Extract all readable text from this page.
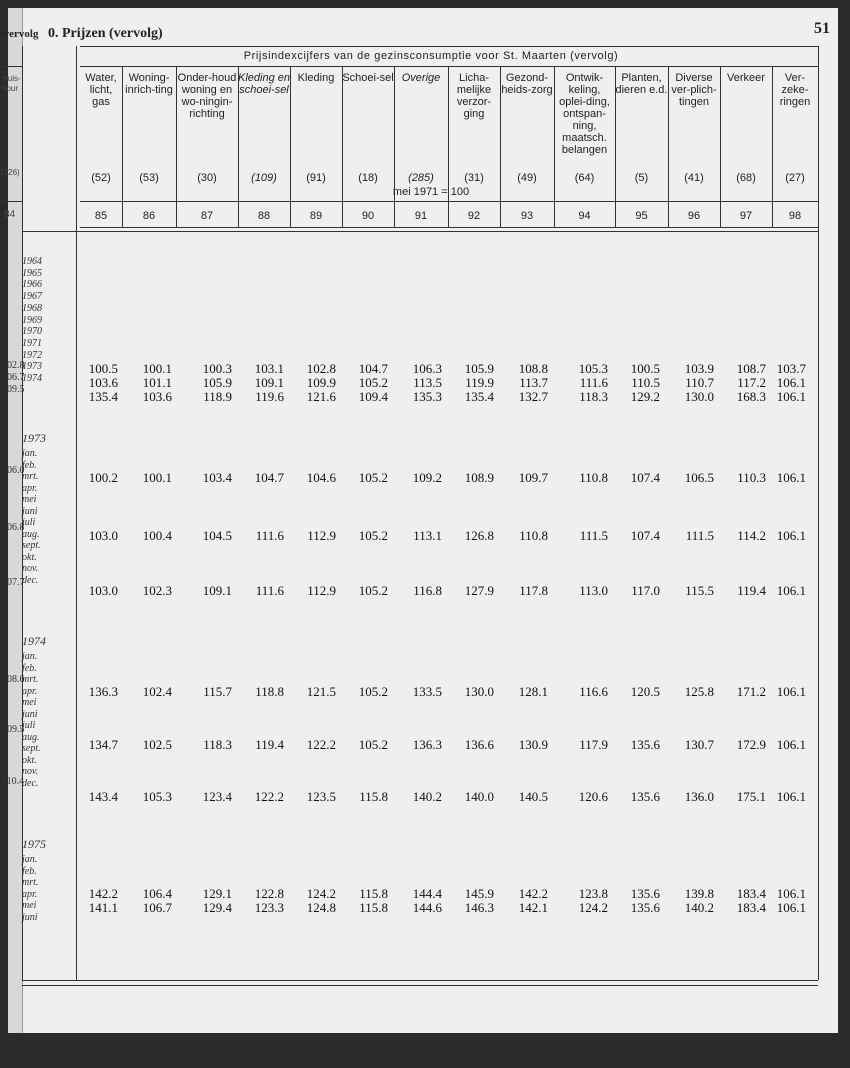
(vervolg 0. Prijzen (vervolg)	51
Prijsindexcijfers van de gezinsconsumptie voor St. Maarten (vervolg)
Water, licht, gas
(52)
85
Woning-inrich-ting
(53)
86
Onder-houd woning en wo-ningin-richting
(30)
87
Kleding en schoei-sel
(109)
88
Kleding
(91)
89
Schoei-sel
(18)
90
Overige
(285)
91
Licha-melijke verzor-ging
(31)
92
Gezond-heids-zorg
(49)
93
Ontwik-keling, oplei-ding, ontspan-ning, maatsch. belangen
(64)
94
Planten, dieren e.d.
(5)
95
Diverse ver-plich-tingen
(41)
96
Verkeer
(68)
97
Ver-zeke-ringen
(27)
98
mei 1971 = 100
Huis- hour
(126)
84
1964
1965
1966
1967
1968
1969
1970
1971
1972
1973
1974
1973
jan.
feb.
mrt.
apr.
mei
juni
juli
aug.
sept.
okt.
nov.
dec.
1974
jan.
feb.
mrt.
apr.
mei
juni
juli
aug.
sept.
okt.
nov.
dec.
1975
jan.
feb.
mrt.
apr.
mei
juni
102.8
106.7
109.5
106.0
106.8
107.7
108.6
109.5
110.4
100.5 100.1 100.3 103.1 102.8 104.7 106.3 105.9 108.8 105.3 100.5 103.9 108.7 103.7
103.6 101.1 105.9 109.1 109.9 105.2 113.5 119.9 113.7 111.6 110.5 110.7 117.2 106.1
135.4 103.6 118.9 119.6 121.6 109.4 135.3 135.4 132.7 118.3 129.2 130.0 168.3 106.1
100.2 100.1 103.4 104.7 104.6 105.2 109.2 108.9 109.7 110.8 107.4 106.5 110.3 106.1
103.0 100.4 104.5 111.6 112.9 105.2 113.1 126.8 110.8 111.5 107.4 111.5 114.2 106.1
103.0 102.3 109.1 111.6 112.9 105.2 116.8 127.9 117.8 113.0 117.0 115.5 119.4 106.1
136.3 102.4 115.7 118.8 121.5 105.2 133.5 130.0 128.1 116.6 120.5 125.8 171.2 106.1
134.7 102.5 118.3 119.4 122.2 105.2 136.3 136.6 130.9 117.9 135.6 130.7 172.9 106.1
143.4 105.3 123.4 122.2 123.5 115.8 140.2 140.0 140.5 120.6 135.6 136.0 175.1 106.1
142.2 106.4 129.1 122.8 124.2 115.8 144.4 145.9 142.2 123.8 135.6 139.8 183.4 106.1
141.1 106.7 129.4 123.3 124.8 115.8 144.6 146.3 142.1 124.2 135.6 140.2 183.4 106.1
